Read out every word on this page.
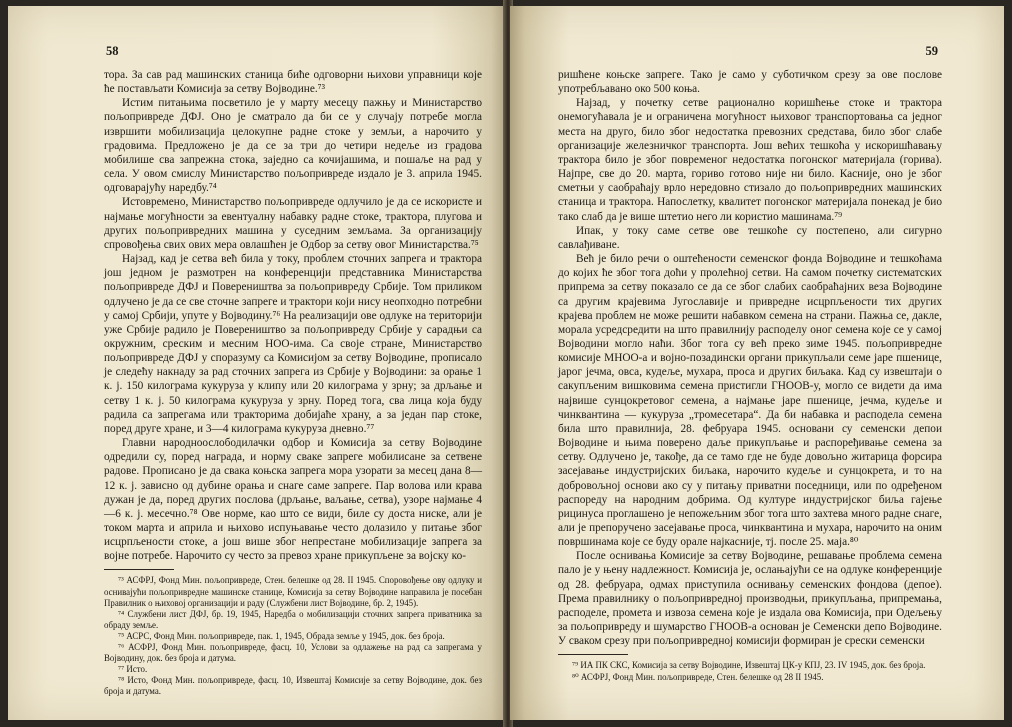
58

тора. За сав рад машинских станица биће одговорни њихови управници које ће постављати Комисија за сетву Војводине.⁷³

Истим питањима посветило је у марту месецу пажњу и Министарство пољопривреде ДФЈ. Оно је сматрало да би се у случају потребе могла извршити мобилизација целокупне радне стоке у земљи, а нарочито у градовима. Предложено је да се за три до четири недеље из градова мобилише сва запрежна стока, заједно са кочијашима, и пошаље на рад у села. У овом смислу Министарство пољопривреде издало је 3. априла 1945. одговарајућу наредбу.⁷⁴

Истовремено, Министарство пољопривреде одлучило је да се искористе и најмање могућности за евентуалну набавку радне стоке, трактора, плугова и других пољопривредних машина у суседним земљама. За организацију спровођења свих ових мера овлашћен је Одбор за сетву овог Министарства.⁷⁵

Најзад, кад је сетва већ била у току, проблем сточних запрега и трактора још једном је размотрен на конференцији представника Министарства пољопривреде ДФЈ и Повереништва за пољопривреду Србије. Том приликом одлучено је да се све сточне запреге и трактори који нису неопходно потребни у самој Србији, упуте у Војводину.⁷⁶ На реализацији ове одлуке на територији уже Србије радило је Повереништво за пољопривреду Србије у сарадњи са окружним, среским и месним НОО-има. Са своје стране, Министарство пољопривреде ДФЈ у споразуму са Комисијом за сетву Војводине, прописало је следећу накнаду за рад сточних запрега из Србије у Војводини: за орање 1 к. ј. 150 килограма кукуруза у клипу или 20 килограма у зрну; за дрљање и сетву 1 к. ј. 50 килограма кукуруза у зрну. Поред тога, сва лица која буду радила са запрегама или тракторима добијаће храну, а за један пар стоке, поред друге хране, и 3—4 килограма кукуруза дневно.⁷⁷

Главни народноослободилачки одбор и Комисија за сетву Војводине одредили су, поред награда, и норму сваке запреге мобилисане за сетвене радове. Прописано је да свака коњска запрега мора узорати за месец дана 8—12 к. ј. зависно од дубине орања и снаге саме запреге. Пар волова или крава дужан је да, поред других послова (дрљање, ваљање, сетва), узоре најмање 4—6 к. ј. месечно.⁷⁸ Ове норме, као што се види, биле су доста ниске, али је током марта и априла и њихово испуњавање често долазило у питање због исцрпљености стоке, а још више због непрестане мобилизације запрега за војне потребе. Нарочито су често за превоз хране прикупљене за војску ко-

⁷³ АСФРЈ, Фонд Мин. пољопривреде, Стен. белешке од 28. II 1945. Споровођење ову одлуку и оснивајући пољопривредне машинске станице, Комисија за сетву Војводине направила је посебан Правилник о њиховој организацији и раду (Службени лист Војводине, бр. 2, 1945).

⁷⁴ Службени лист ДФЈ, бр. 19, 1945, Наредба о мобилизацији сточних запрега приватника за обраду земље.

⁷⁵ АСРС, Фонд Мин. пољопривреде, пак. 1, 1945, Обрада земље у 1945, док. без броја.

⁷⁶ АСФРЈ, Фонд Мин. пољопривреде, фасц. 10, Услови за одлажење на рад са запрегама у Војводину, док. без броја и датума.

⁷⁷ Исто.

⁷⁸ Исто, Фонд Мин. пољопривреде, фасц. 10, Извештај Комисије за сетву Војводине, док. без броја и датума.

59

ришћене коњске запреге. Тако је само у суботичком срезу за ове послове употребљавано око 500 коња.

Најзад, у почетку сетве рационално коришћење стоке и трактора онемогућавала је и ограничена могућност њиховог транспортовања са једног места на друго, било због недостатка превозних средстава, било због слабе организације железничког транспорта. Још већих тешкоћа у искоришћавању трактора било је због повременог недостатка погонског материјала (горива). Најпре, све до 20. марта, гориво готово није ни било. Касније, оно је због сметњи у саобраћају врло нередовно стизало до пољопривредних машинских станица и трактора. Напослетку, квалитет погонског материјала понекад је био тако слаб да је више штетио него ли користио машинама.⁷⁹

Ипак, у току саме сетве ове тешкоће су постепено, али сигурно савлађиване.

Већ је било речи о оштећености семенског фонда Војводине и тешкоћама до којих ће због тога доћи у пролећној сетви. На самом почетку систематских припрема за сетву показало се да се због слабих саобраћајних веза Војводине са другим крајевима Југославије и привредне исцрпљености тих других крајева проблем не може решити набавком семена на страни. Пажња се, дакле, морала усредсредити на што правилнију расподелу оног семена које се у самој Војводини могло наћи. Због тога су већ преко зиме 1945. пољопривредне комисије МНОО-а и војно-позадински органи прикупљали семе јаре пшенице, јарог јечма, овса, кудеље, мухара, проса и других биљака. Кад су извештаји о сакупљеним вишковима семена пристигли ГНООВ-у, могло се видети да има највише сунцокретовог семена, а најмање јаре пшенице, јечма, кудеље и чинквантина — кукуруза „тромесетара“. Да би набавка и расподела семена била што правилнија, 28. фебруара 1945. основани су семенски депои Војводине и њима поверено даље прикупљање и распоређивање семена за сетву. Одлучено је, такође, да се тамо где не буде довољно житарица форсира засејавање индустријских биљака, нарочито кудеље и сунцокрета, и то на добровољној основи ако су у питању приватни поседници, или по одређеном распореду на народним добрима. Од културе индустријског биља гајење рицинуса проглашено је непожељним због тога што захтева много радне снаге, али је препоручено засејавање проса, чинквантина и мухара, нарочито на оним површинама које се буду орале најкасније, тј. после 25. маја.⁸⁰

После оснивања Комисије за сетву Војводине, решавање проблема семена пало је у њену надлежност. Комисија је, ослањајући се на одлуке конференције од 28. фебруара, одмах приступила оснивању семенских фондова (депое). Према правилнику о пољопривредној производњи, прикупљања, припремања, расподеле, промета и извоза семена које је издала ова Комисија, при Одељењу за пољопривреду и шумарство ГНООВ-а основан је Семенски депо Војводине. У сваком срезу при пољопривредној комисији формиран је среcки семенски

⁷⁹ ИА ПК СКС, Комисија за сетву Војводине, Извештај ЦК-у КПЈ, 23. IV 1945, док. без броја.

⁸⁰ АСФРЈ, Фонд Мин. пољопривреде, Стен. белешке од 28 II 1945.
